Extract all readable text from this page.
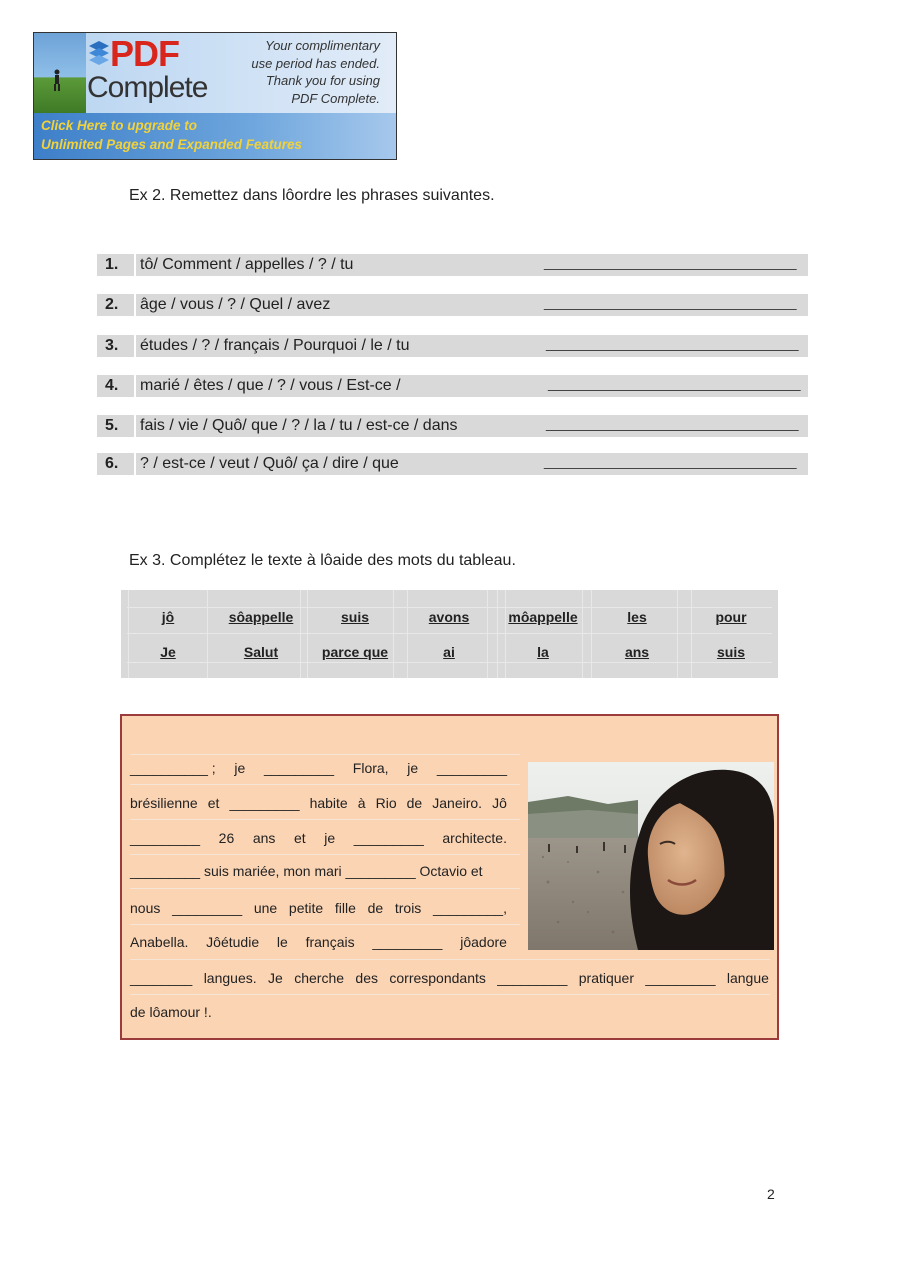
PDF
Complete
Your complimentary
use period has ended.
Thank you for using
PDF Complete.
Click Here to upgrade to
Unlimited Pages and Expanded Features
Ex 2. Remettez dans lôordre les phrases suivantes.
1.	tô/ Comment / appelles / ? / tu	______________________________
2.	âge / vous / ? / Quel / avez	______________________________
3.	études / ? / français / Pourquoi / le / tu	______________________________
4.	marié / êtes / que / ? / vous / Est-ce /	______________________________
5.	fais / vie / Quô/ que / ? / la / tu / est-ce / dans	______________________________
6.	? / est-ce / veut / Quô/ ça / dire / que	______________________________
Ex 3. Complétez le texte à lôaide des mots du tableau.
jô	sôappelle	suis	avons	môappelle	les	pour
Je	Salut	parce que	ai	la	ans	suis
__________ ; je _________ Flora, je _________
brésilienne et _________ habite à Rio de Janeiro. Jô
_________ 26 ans et je _________ architecte.
_________ suis mariée, mon mari _________ Octavio et
nous _________ une petite fille de trois _________,
Anabella. Jôétudie le français _________ jôadore
________ langues. Je cherche des correspondants _________ pratiquer _________ langue
de lôamour !.
2
